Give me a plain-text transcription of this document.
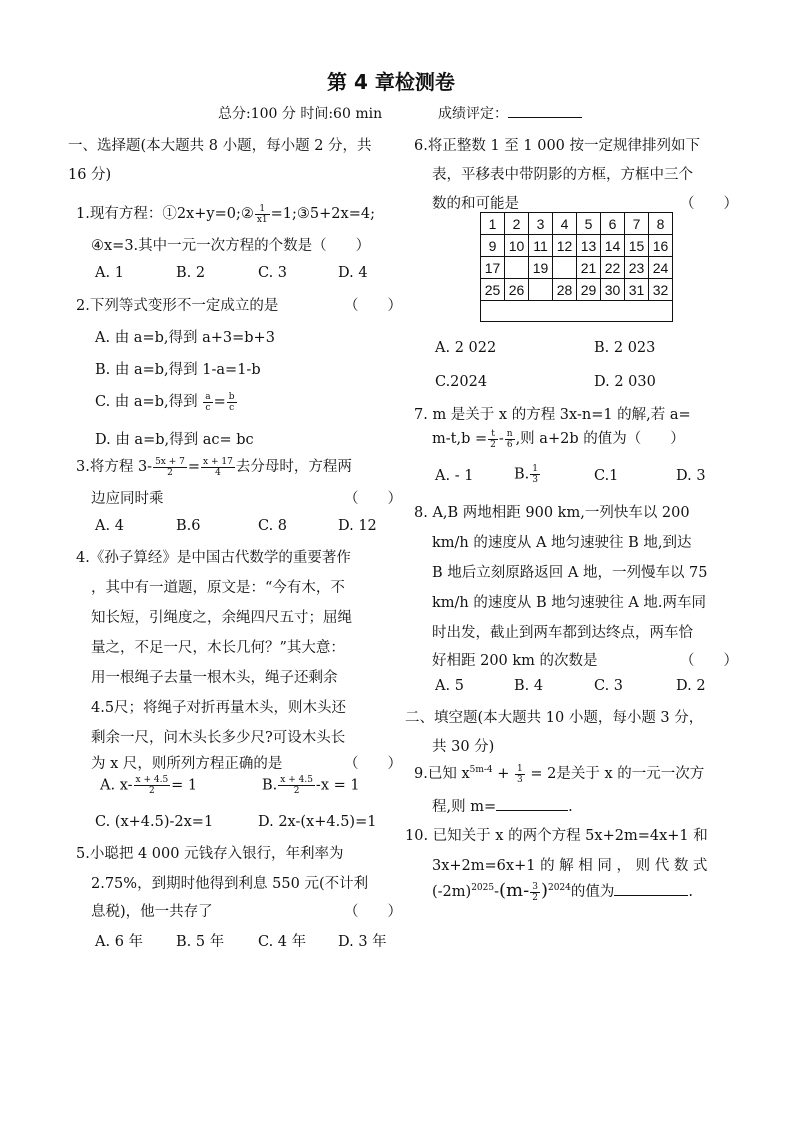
第 4 章检测卷
总分:100 分 时间:60 min	成绩评定：
一、选择题(本大题共 8 小题，每小题 2 分，共
16 分)
1.现有方程：①2x+y=0;② $\frac{1}{x1}$ =1;③5+2x=4;
④x=3.其中一元一次方程的个数是（　　）
A. 1	B. 2	C. 3	D. 4
2.下列等式变形不一定成立的是	（　　）
A. 由 a=b,得到 a+3=b+3
B. 由 a=b,得到 1-a=1-b
C. 由 a=b,得到 $\frac{a}{c} = \frac{b}{c}$
D. 由 a=b,得到 ac= bc
3.将方程 $3- \frac{5x + 7}{2} = \frac{x + 17}{4}$ 去分母时，方程两
边应同时乘	（　　）
A. 4	B.6	C. 8	D. 12
4.《孙子算经》是中国古代数学的重要著作
，其中有一道题，原文是：“今有木，不
知长短，引绳度之，余绳四尺五寸；屈绳
量之，不足一尺，木长几何？”其大意：
用一根绳子去量一根木头，绳子还剩余
4.5尺；将绳子对折再量木头，则木头还
剩余一尺，问木头长多少尺?可设木头长
为 x 尺，则所列方程正确的是	（　　）
A. $x- \frac{x + 4.5}{2} = 1$	B. $\frac{x + 4.5}{2} -x = 1$
C. (x+4.5)-2x=1	D. 2x-(x+4.5)=1
5.小聪把 4 000 元钱存入银行，年利率为
2.75%，到期时他得到利息 550 元(不计利
息税)，他一共存了	（　　）
A. 6 年 B. 5 年 C. 4 年 D. 3 年
6.将正整数 1 至 1 000 按一定规律排列如下
表，平移表中带阴影的方框，方框中三个
数的和可能是	（　　）
1	2	3	4	5	6	7	8
9	10	11	12	13	14	15	16
17		19		21	22	23	24
25	26		28	29	30	31	32

A. 2 022	B. 2 023
C.2024	D. 2 030
7. m 是关于 x 的方程 3x-n=1 的解,若 a=
$m-t,b = \frac{t}{2} - \frac{n}{6}$ ,则 a+2b 的值为（　　）
A. - 1	B. $\frac{1}{3}$	C.1	D. 3
8. A,B 两地相距 900 km,一列快车以 200
km/h 的速度从 A 地匀速驶往 B 地,到达
B 地后立刻原路返回 A 地，一列慢车以 75
km/h 的速度从 B 地匀速驶往 A 地.两车同
时出发，截止到两车都到达终点，两车恰
好相距 200 km 的次数是	（　　）
A. 5	B. 4	C. 3	D. 2
二、填空题(本大题共 10 小题，每小题 3 分，
共 30 分)
9.已知 $x^{5m-4} + \frac{1}{3} = 2$是关于 x 的一元一次方
程,则 m=	.
10. 已知关于 x 的两个方程 5x+2m=4x+1 和
3x+2m=6x+1 的 解 相 同 ， 则 代 数 式
$(-2m)^{2025}-(m- \frac{3}{2} )^{2024}$的值为	.
